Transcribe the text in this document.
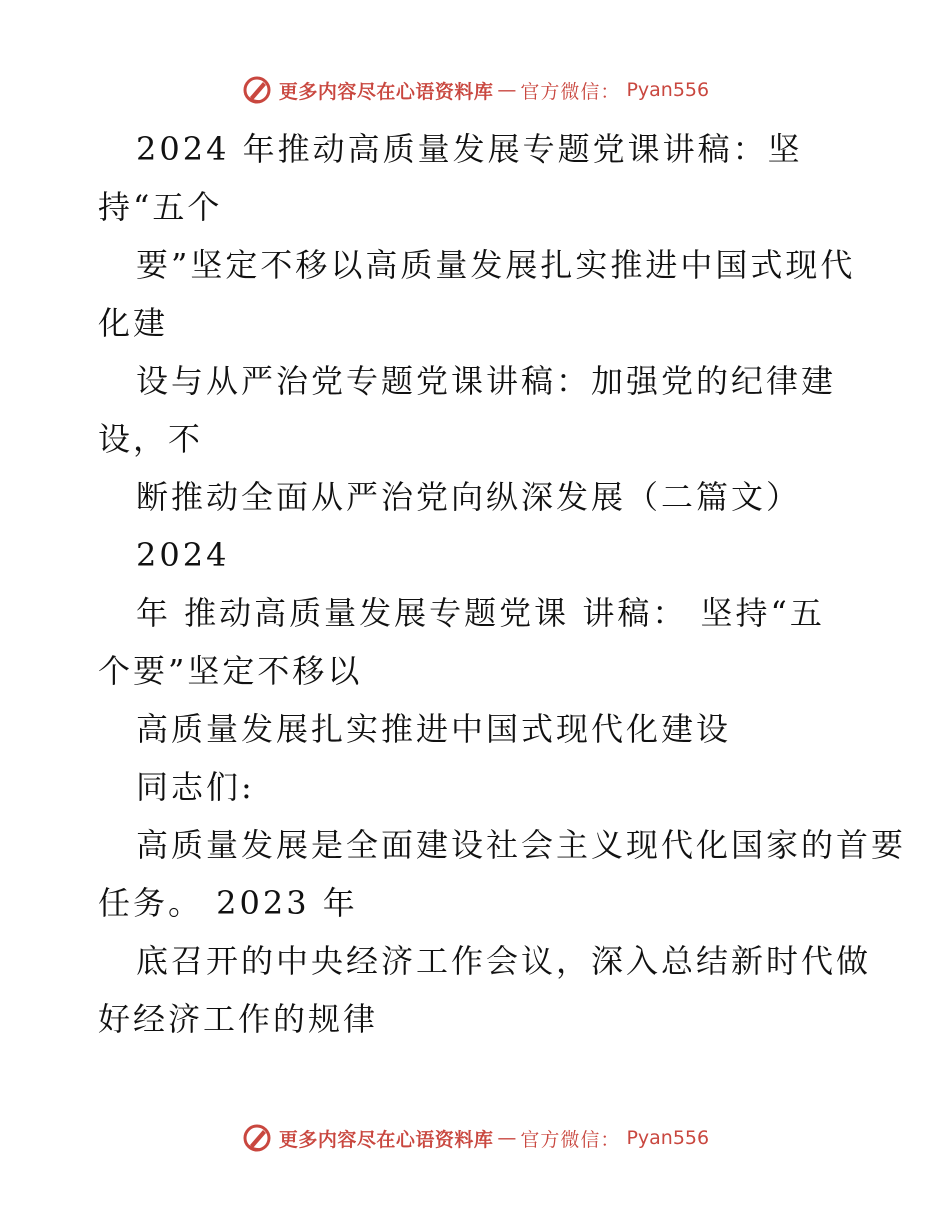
更多内容尽在心语资料库 — 官方微信： Pyan556
2024 年推动高质量发展专题党课讲稿：坚
持“五个
要”坚定不移以高质量发展扎实推进中国式现代
化建
设与从严治党专题党课讲稿：加强党的纪律建
设，不
断推动全面从严治党向纵深发展（二篇文）
2024
年 推动高质量发展专题党课 讲稿： 坚持“五
个要”坚定不移以
高质量发展扎实推进中国式现代化建设
同志们:
高质量发展是全面建设社会主义现代化国家的首要
任务。 2023 年
底召开的中央经济工作会议，深入总结新时代做
好经济工作的规律
更多内容尽在心语资料库 — 官方微信： Pyan556
